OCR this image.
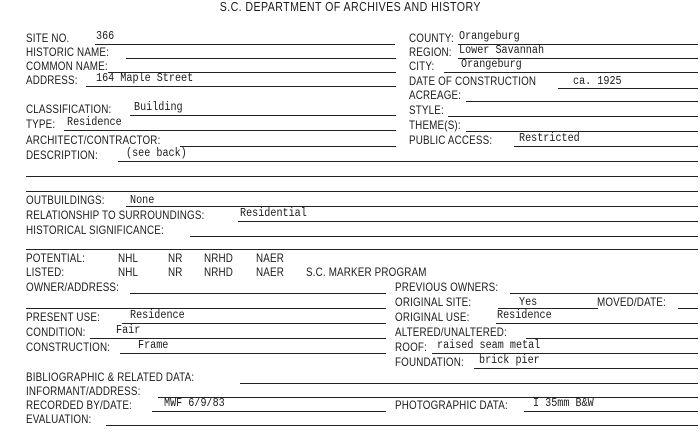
S.C. DEPARTMENT OF ARCHIVES AND HISTORY
SITE NO. 366
HISTORIC NAME:
COMMON NAME:
ADDRESS: 164 Maple Street
CLASSIFICATION: Building
TYPE: Residence
ARCHITECT/CONTRACTOR:
DESCRIPTION: (see back)
COUNTY: Orangeburg
REGION: Lower Savannah
CITY: Orangeburg
DATE OF CONSTRUCTION	ca. 1925
ACREAGE:
STYLE:
THEME(S):
PUBLIC ACCESS: Restricted
OUTBUILDINGS: None
RELATIONSHIP TO SURROUNDINGS:	Residential
HISTORICAL SIGNIFICANCE:
POTENTIAL:	NHL NR NRHD NAER
LISTED:	NHL NR NRHD NAER S.C. MARKER PROGRAM
OWNER/ADDRESS:
PRESENT USE:	Residence
CONDITION:	Fair
CONSTRUCTION: Frame
PREVIOUS OWNERS:
ORIGINAL SITE:	Yes	MOVED/DATE:
ORIGINAL USE: Residence
ALTERED/UNALTERED:
ROOF: raised seam metal
FOUNDATION: brick pier
BIBLIOGRAPHIC & RELATED DATA:
INFORMANT/ADDRESS:
RECORDED BY/DATE:	MWF 6/9/83	PHOTOGRAPHIC DATA: I 35mm B&W
EVALUATION:
